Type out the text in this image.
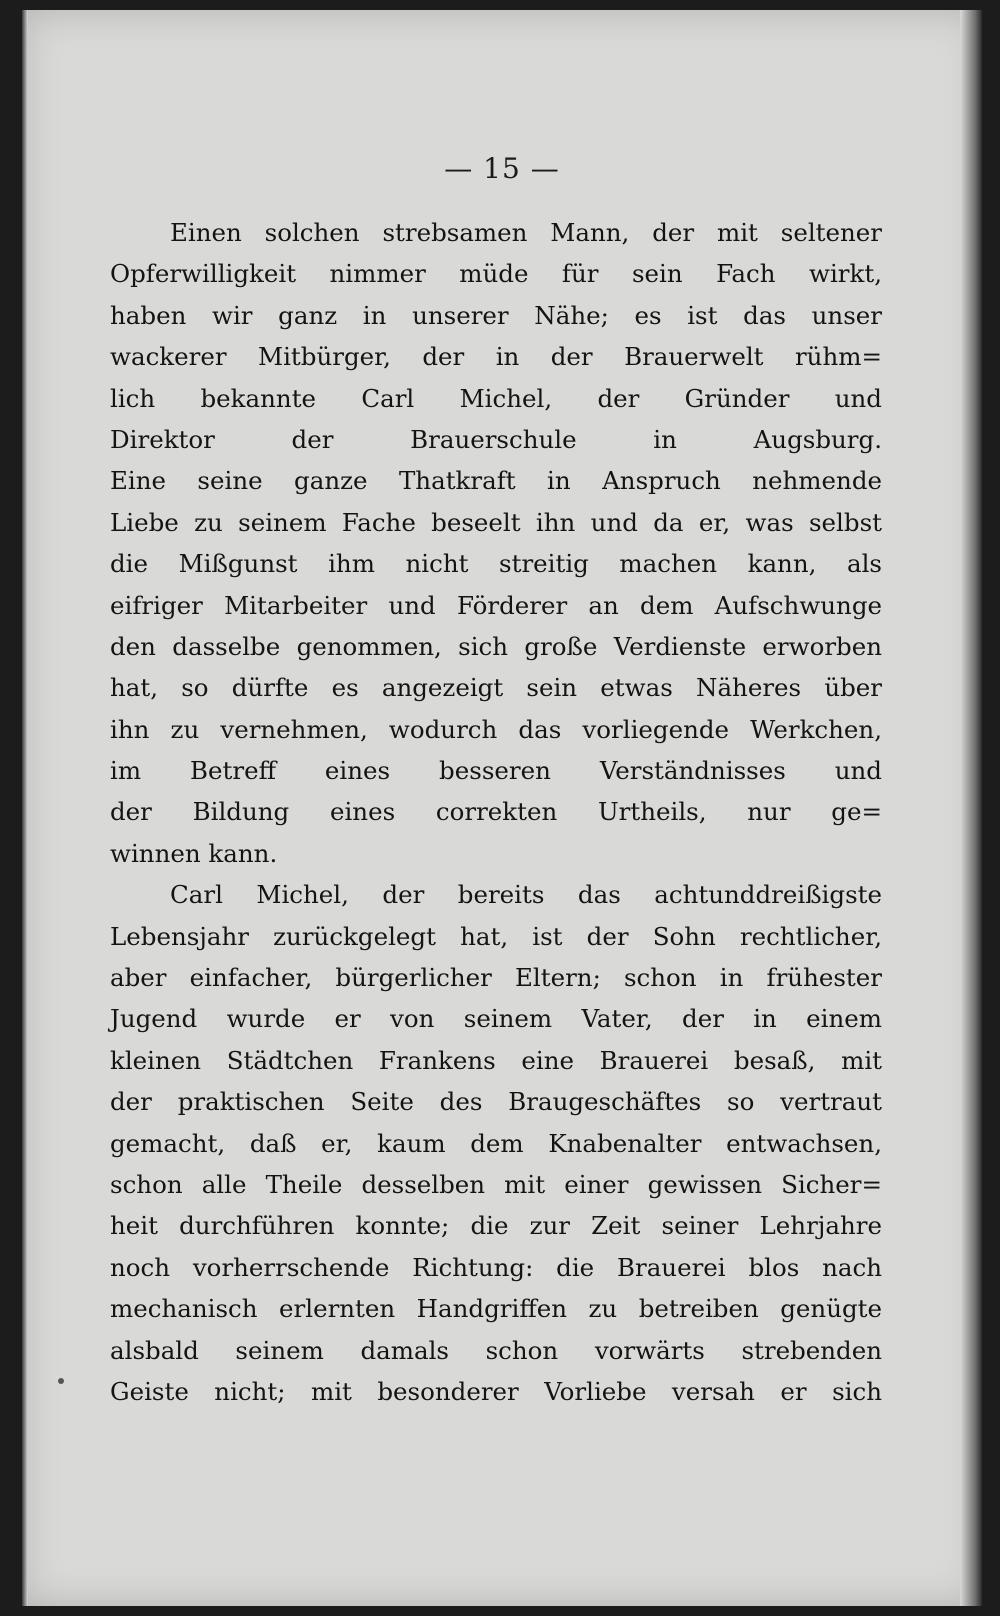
— 15 —
Einen solchen strebsamen Mann, der mit seltener
Opferwilligkeit nimmer müde für sein Fach wirkt,
haben wir ganz in unserer Nähe; es ist das unser
wackerer Mitbürger, der in der Brauerwelt rühm=
lich bekannte Carl Michel, der Gründer und
Direktor der Brauerschule in Augsburg.
Eine seine ganze Thatkraft in Anspruch nehmende
Liebe zu seinem Fache beseelt ihn und da er, was selbst
die Mißgunst ihm nicht streitig machen kann, als
eifriger Mitarbeiter und Förderer an dem Aufschwunge
den dasselbe genommen, sich große Verdienste erworben
hat, so dürfte es angezeigt sein etwas Näheres über
ihn zu vernehmen, wodurch das vorliegende Werkchen,
im Betreff eines besseren Verständnisses und
der Bildung eines correkten Urtheils, nur ge=
winnen kann.
Carl Michel, der bereits das achtunddreißigste
Lebensjahr zurückgelegt hat, ist der Sohn rechtlicher,
aber einfacher, bürgerlicher Eltern; schon in frühester
Jugend wurde er von seinem Vater, der in einem
kleinen Städtchen Frankens eine Brauerei besaß, mit
der praktischen Seite des Braugeschäftes so vertraut
gemacht, daß er, kaum dem Knabenalter entwachsen,
schon alle Theile desselben mit einer gewissen Sicher=
heit durchführen konnte; die zur Zeit seiner Lehrjahre
noch vorherrschende Richtung: die Brauerei blos nach
mechanisch erlernten Handgriffen zu betreiben genügte
alsbald seinem damals schon vorwärts strebenden
Geiste nicht; mit besonderer Vorliebe versah er sich
